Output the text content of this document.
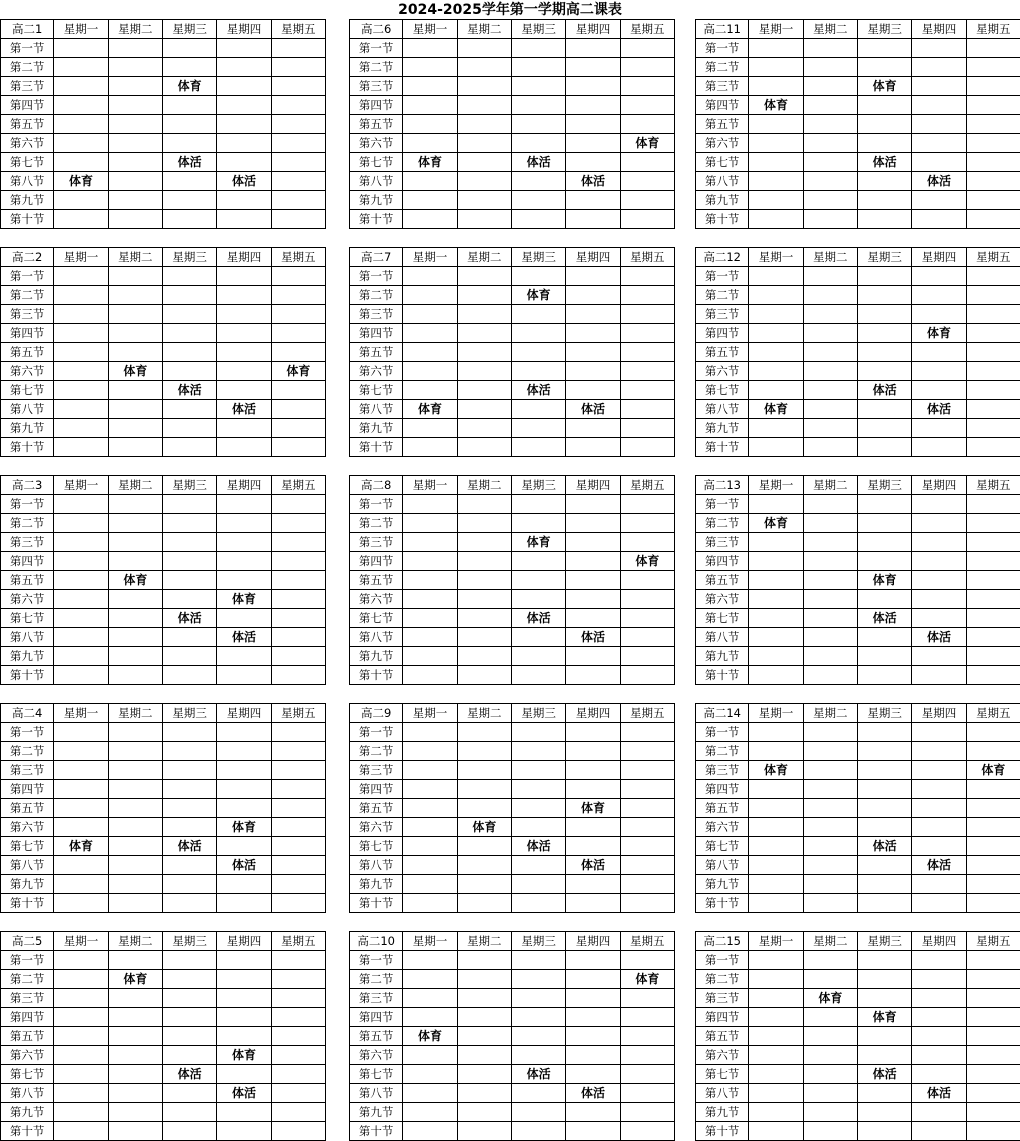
2024-2025学年第一学期高二课表
高二1	星期一	星期二	星期三	星期四	星期五
第一节					
第二节					
第三节			体育		
第四节					
第五节					
第六节					
第七节			体活		
第八节	体育			体活	
第九节					
第十节					
高二6	星期一	星期二	星期三	星期四	星期五
第一节					
第二节					
第三节					
第四节					
第五节					
第六节					体育
第七节	体育		体活		
第八节				体活	
第九节					
第十节					
高二11	星期一	星期二	星期三	星期四	星期五
第一节					
第二节					
第三节			体育		
第四节	体育				
第五节					
第六节					
第七节			体活		
第八节				体活	
第九节					
第十节					
高二2	星期一	星期二	星期三	星期四	星期五
第一节					
第二节					
第三节					
第四节					
第五节					
第六节		体育			体育
第七节			体活		
第八节				体活	
第九节					
第十节					
高二7	星期一	星期二	星期三	星期四	星期五
第一节					
第二节			体育		
第三节					
第四节					
第五节					
第六节					
第七节			体活		
第八节	体育			体活	
第九节					
第十节					
高二12	星期一	星期二	星期三	星期四	星期五
第一节					
第二节					
第三节					
第四节				体育	
第五节					
第六节					
第七节			体活		
第八节	体育			体活	
第九节					
第十节					
高二3	星期一	星期二	星期三	星期四	星期五
第一节					
第二节					
第三节					
第四节					
第五节		体育			
第六节				体育	
第七节			体活		
第八节				体活	
第九节					
第十节					
高二8	星期一	星期二	星期三	星期四	星期五
第一节					
第二节					
第三节			体育		
第四节					体育
第五节					
第六节					
第七节			体活		
第八节				体活	
第九节					
第十节					
高二13	星期一	星期二	星期三	星期四	星期五
第一节					
第二节	体育				
第三节					
第四节					
第五节			体育		
第六节					
第七节			体活		
第八节				体活	
第九节					
第十节					
高二4	星期一	星期二	星期三	星期四	星期五
第一节					
第二节					
第三节					
第四节					
第五节					
第六节				体育	
第七节	体育		体活		
第八节				体活	
第九节					
第十节					
高二9	星期一	星期二	星期三	星期四	星期五
第一节					
第二节					
第三节					
第四节					
第五节				体育	
第六节		体育			
第七节			体活		
第八节				体活	
第九节					
第十节					
高二14	星期一	星期二	星期三	星期四	星期五
第一节					
第二节					
第三节	体育				体育
第四节					
第五节					
第六节					
第七节			体活		
第八节				体活	
第九节					
第十节					
高二5	星期一	星期二	星期三	星期四	星期五
第一节					
第二节		体育			
第三节					
第四节					
第五节					
第六节				体育	
第七节			体活		
第八节				体活	
第九节					
第十节					
高二10	星期一	星期二	星期三	星期四	星期五
第一节					
第二节					体育
第三节					
第四节					
第五节	体育				
第六节					
第七节			体活		
第八节				体活	
第九节					
第十节					
高二15	星期一	星期二	星期三	星期四	星期五
第一节					
第二节					
第三节		体育			
第四节			体育		
第五节					
第六节					
第七节			体活		
第八节				体活	
第九节					
第十节					
